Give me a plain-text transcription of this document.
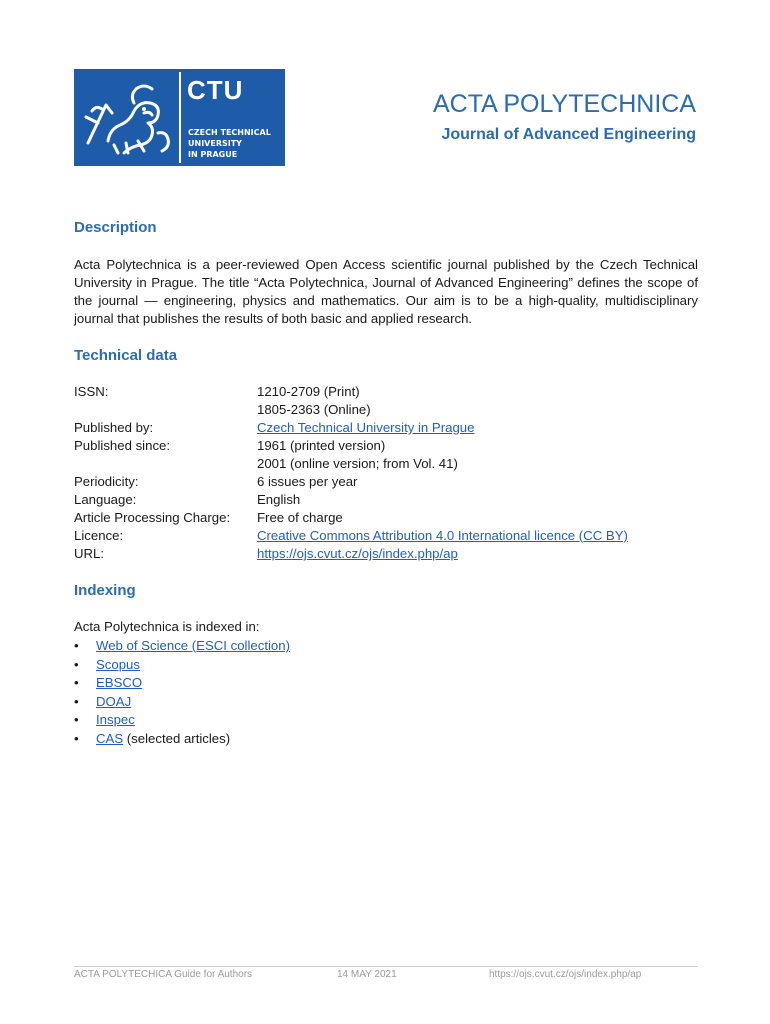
CTU
CZECH TECHNICAL
UNIVERSITY
IN PRAGUE
ACTA POLYTECHNICA
Journal of Advanced Engineering
Description

Acta Polytechnica is a peer-reviewed Open Access scientific journal published by the Czech Technical University in Prague. The title “Acta Polytechnica, Journal of Advanced Engineering” defines the scope of the journal — engineering, physics and mathematics. Our aim is to be a high-quality, multidisciplinary journal that publishes the results of both basic and applied research.

Technical data
ISSN:	1210-2709 (Print)
1805-2363 (Online)
Published by:	Czech Technical University in Prague
Published since:	1961 (printed version)
2001 (online version; from Vol. 41)
Periodicity:	6 issues per year
Language:	English
Article Processing Charge:	Free of charge
Licence:	Creative Commons Attribution 4.0 International licence (CC BY)
URL:	https://ojs.cvut.cz/ojs/index.php/ap
Indexing

Acta Polytechnica is indexed in:

•	Web of Science (ESCI collection)
•	Scopus
•	EBSCO
•	DOAJ
•	Inspec
•	CAS (selected articles)
ACTA POLYTECHICA Guide for Authors	14 MAY 2021	https://ojs.cvut.cz/ojs/index.php/ap
